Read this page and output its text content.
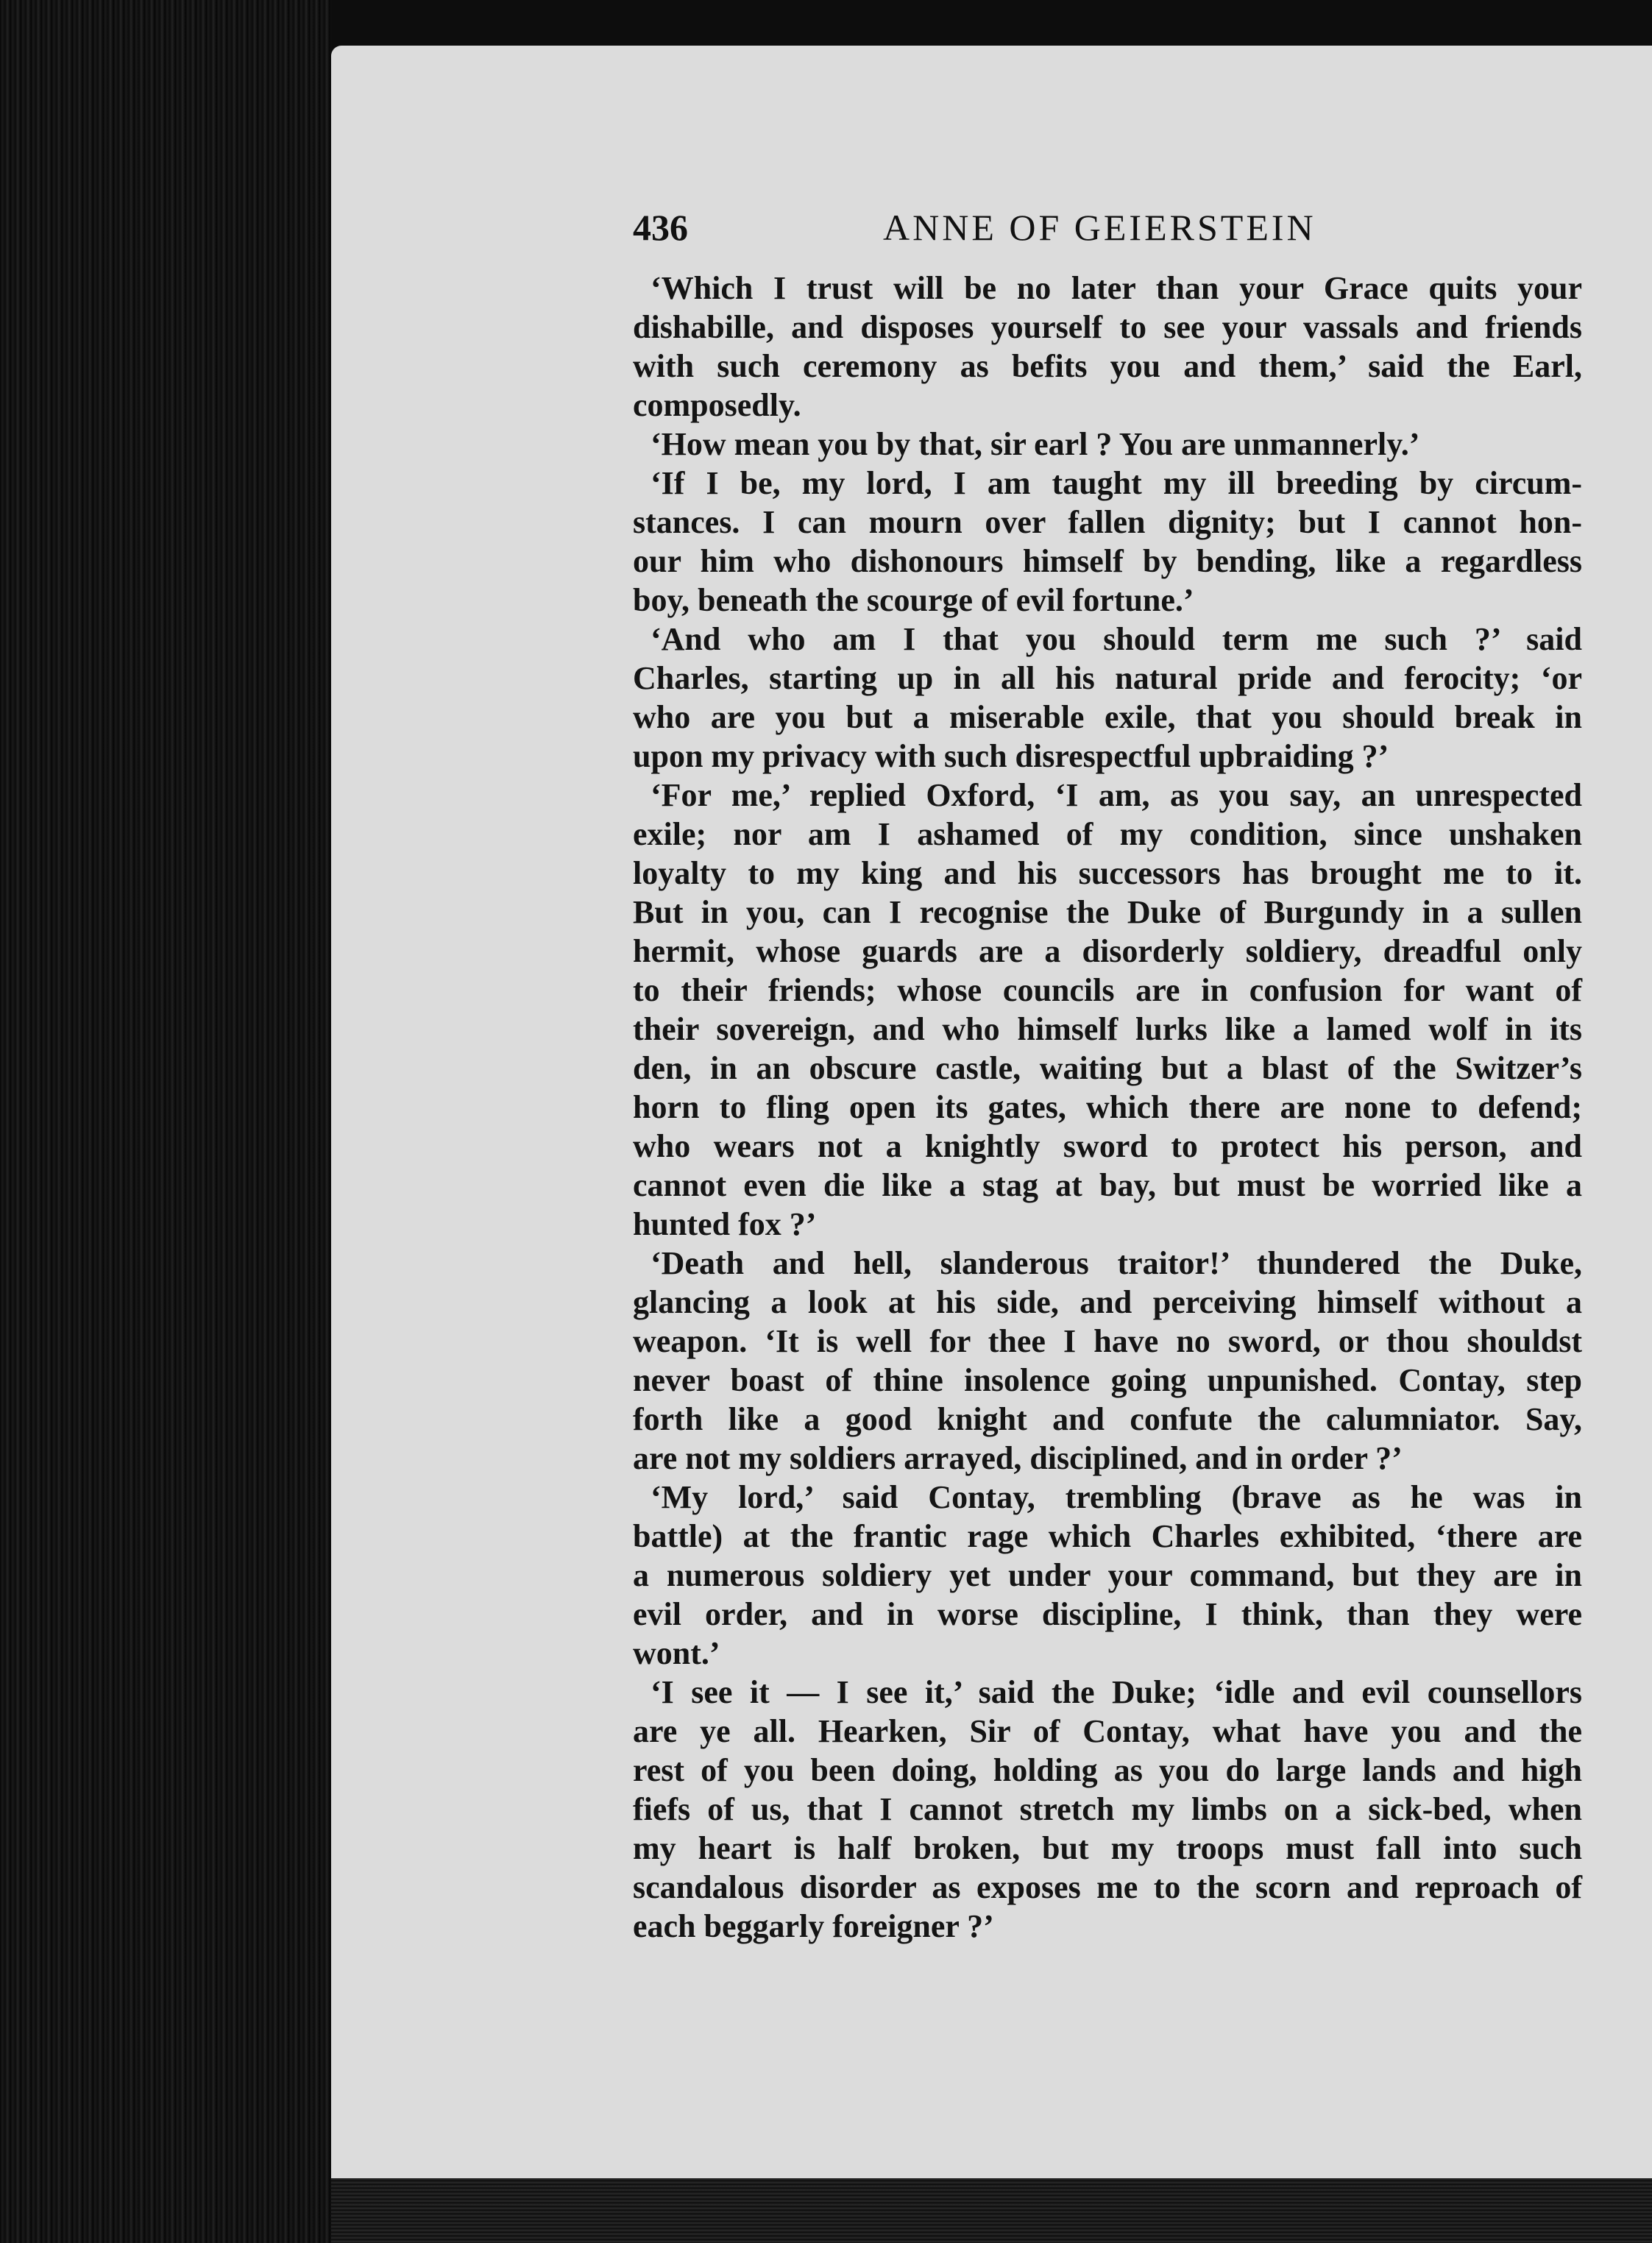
436	ANNE OF GEIERSTEIN
‘Which I trust will be no later than your Grace quits your
dishabille, and disposes yourself to see your vassals and friends
with such ceremony as befits you and them,’ said the Earl,
composedly.
‘How mean you by that, sir earl ? You are unmannerly.’
‘If I be, my lord, I am taught my ill breeding by circum-
stances. I can mourn over fallen dignity; but I cannot hon-
our him who dishonours himself by bending, like a regardless
boy, beneath the scourge of evil fortune.’
‘And who am I that you should term me such ?’ said
Charles, starting up in all his natural pride and ferocity; ‘or
who are you but a miserable exile, that you should break in
upon my privacy with such disrespectful upbraiding ?’
‘For me,’ replied Oxford, ‘I am, as you say, an unrespected
exile; nor am I ashamed of my condition, since unshaken
loyalty to my king and his successors has brought me to it.
But in you, can I recognise the Duke of Burgundy in a sullen
hermit, whose guards are a disorderly soldiery, dreadful only
to their friends; whose councils are in confusion for want of
their sovereign, and who himself lurks like a lamed wolf in its
den, in an obscure castle, waiting but a blast of the Switzer’s
horn to fling open its gates, which there are none to defend;
who wears not a knightly sword to protect his person, and
cannot even die like a stag at bay, but must be worried like a
hunted fox ?’
‘Death and hell, slanderous traitor!’ thundered the Duke,
glancing a look at his side, and perceiving himself without a
weapon. ‘It is well for thee I have no sword, or thou shouldst
never boast of thine insolence going unpunished. Contay, step
forth like a good knight and confute the calumniator. Say,
are not my soldiers arrayed, disciplined, and in order ?’
‘My lord,’ said Contay, trembling (brave as he was in
battle) at the frantic rage which Charles exhibited, ‘there are
a numerous soldiery yet under your command, but they are in
evil order, and in worse discipline, I think, than they were
wont.’
‘I see it — I see it,’ said the Duke; ‘idle and evil counsellors
are ye all. Hearken, Sir of Contay, what have you and the
rest of you been doing, holding as you do large lands and high
fiefs of us, that I cannot stretch my limbs on a sick-bed, when
my heart is half broken, but my troops must fall into such
scandalous disorder as exposes me to the scorn and reproach of
each beggarly foreigner ?’
